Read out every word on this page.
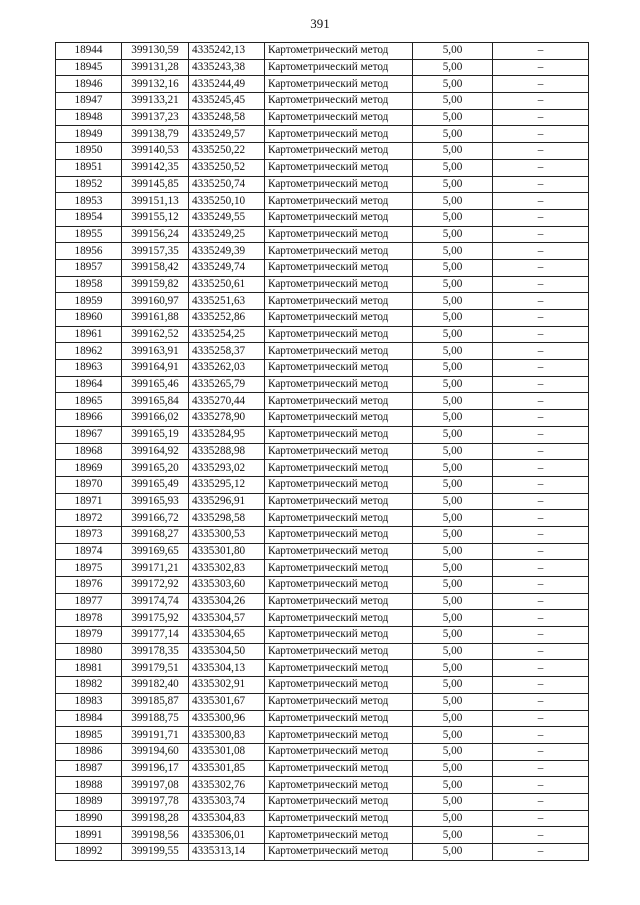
391
18944	399130,59	4335242,13	Картометрический метод	5,00	–
18945	399131,28	4335243,38	Картометрический метод	5,00	–
18946	399132,16	4335244,49	Картометрический метод	5,00	–
18947	399133,21	4335245,45	Картометрический метод	5,00	–
18948	399137,23	4335248,58	Картометрический метод	5,00	–
18949	399138,79	4335249,57	Картометрический метод	5,00	–
18950	399140,53	4335250,22	Картометрический метод	5,00	–
18951	399142,35	4335250,52	Картометрический метод	5,00	–
18952	399145,85	4335250,74	Картометрический метод	5,00	–
18953	399151,13	4335250,10	Картометрический метод	5,00	–
18954	399155,12	4335249,55	Картометрический метод	5,00	–
18955	399156,24	4335249,25	Картометрический метод	5,00	–
18956	399157,35	4335249,39	Картометрический метод	5,00	–
18957	399158,42	4335249,74	Картометрический метод	5,00	–
18958	399159,82	4335250,61	Картометрический метод	5,00	–
18959	399160,97	4335251,63	Картометрический метод	5,00	–
18960	399161,88	4335252,86	Картометрический метод	5,00	–
18961	399162,52	4335254,25	Картометрический метод	5,00	–
18962	399163,91	4335258,37	Картометрический метод	5,00	–
18963	399164,91	4335262,03	Картометрический метод	5,00	–
18964	399165,46	4335265,79	Картометрический метод	5,00	–
18965	399165,84	4335270,44	Картометрический метод	5,00	–
18966	399166,02	4335278,90	Картометрический метод	5,00	–
18967	399165,19	4335284,95	Картометрический метод	5,00	–
18968	399164,92	4335288,98	Картометрический метод	5,00	–
18969	399165,20	4335293,02	Картометрический метод	5,00	–
18970	399165,49	4335295,12	Картометрический метод	5,00	–
18971	399165,93	4335296,91	Картометрический метод	5,00	–
18972	399166,72	4335298,58	Картометрический метод	5,00	–
18973	399168,27	4335300,53	Картометрический метод	5,00	–
18974	399169,65	4335301,80	Картометрический метод	5,00	–
18975	399171,21	4335302,83	Картометрический метод	5,00	–
18976	399172,92	4335303,60	Картометрический метод	5,00	–
18977	399174,74	4335304,26	Картометрический метод	5,00	–
18978	399175,92	4335304,57	Картометрический метод	5,00	–
18979	399177,14	4335304,65	Картометрический метод	5,00	–
18980	399178,35	4335304,50	Картометрический метод	5,00	–
18981	399179,51	4335304,13	Картометрический метод	5,00	–
18982	399182,40	4335302,91	Картометрический метод	5,00	–
18983	399185,87	4335301,67	Картометрический метод	5,00	–
18984	399188,75	4335300,96	Картометрический метод	5,00	–
18985	399191,71	4335300,83	Картометрический метод	5,00	–
18986	399194,60	4335301,08	Картометрический метод	5,00	–
18987	399196,17	4335301,85	Картометрический метод	5,00	–
18988	399197,08	4335302,76	Картометрический метод	5,00	–
18989	399197,78	4335303,74	Картометрический метод	5,00	–
18990	399198,28	4335304,83	Картометрический метод	5,00	–
18991	399198,56	4335306,01	Картометрический метод	5,00	–
18992	399199,55	4335313,14	Картометрический метод	5,00	–
